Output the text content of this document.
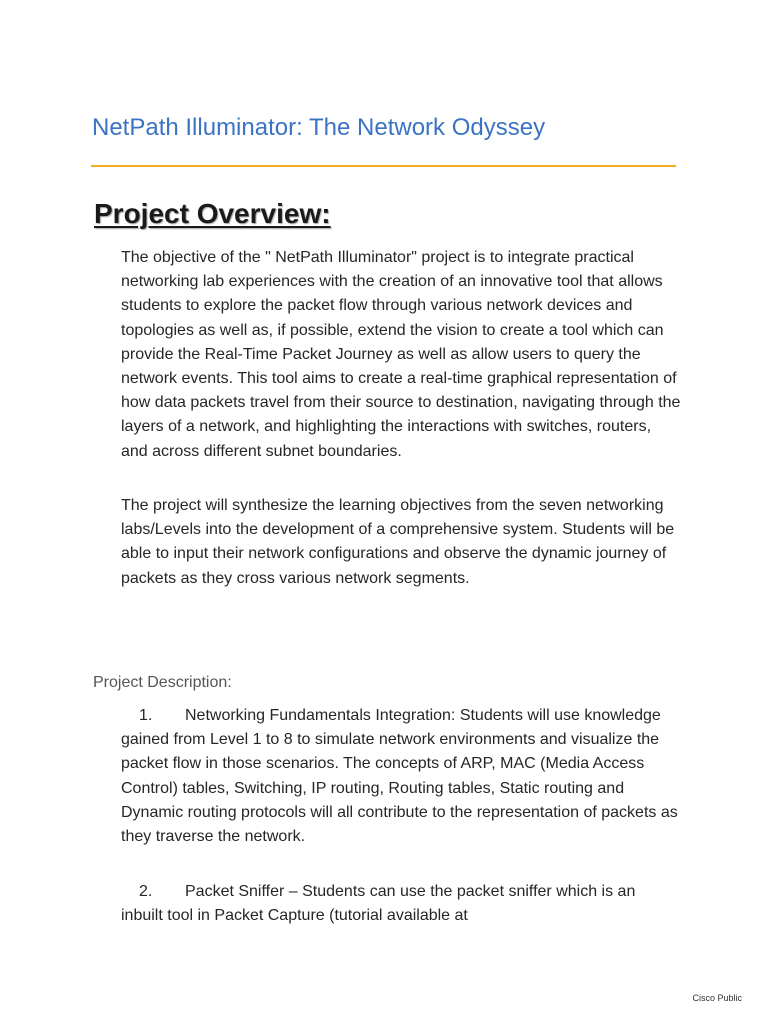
NetPath Illuminator: The Network Odyssey
Project Overview:

The objective of the " NetPath Illuminator" project is to integrate practical networking lab experiences with the creation of an innovative tool that allows students to explore the packet flow through various network devices and topologies as well as, if possible, extend the vision to create a tool which can provide the Real-Time Packet Journey as well as allow users to query the network events. This tool aims to create a real-time graphical representation of how data packets travel from their source to destination, navigating through the layers of a network, and highlighting the interactions with switches, routers, and across different subnet boundaries.

The project will synthesize the learning objectives from the seven networking labs/Levels into the development of a comprehensive system. Students will be able to input their network configurations and observe the dynamic journey of packets as they cross various network segments.

Project Description:

1. Networking Fundamentals Integration: Students will use knowledge gained from Level 1 to 8 to simulate network environments and visualize the packet flow in those scenarios. The concepts of ARP, MAC (Media Access Control) tables, Switching, IP routing, Routing tables, Static routing and Dynamic routing protocols will all contribute to the representation of packets as they traverse the network.

2. Packet Sniffer – Students can use the packet sniffer which is an inbuilt tool in Packet Capture (tutorial available at

Cisco Public
